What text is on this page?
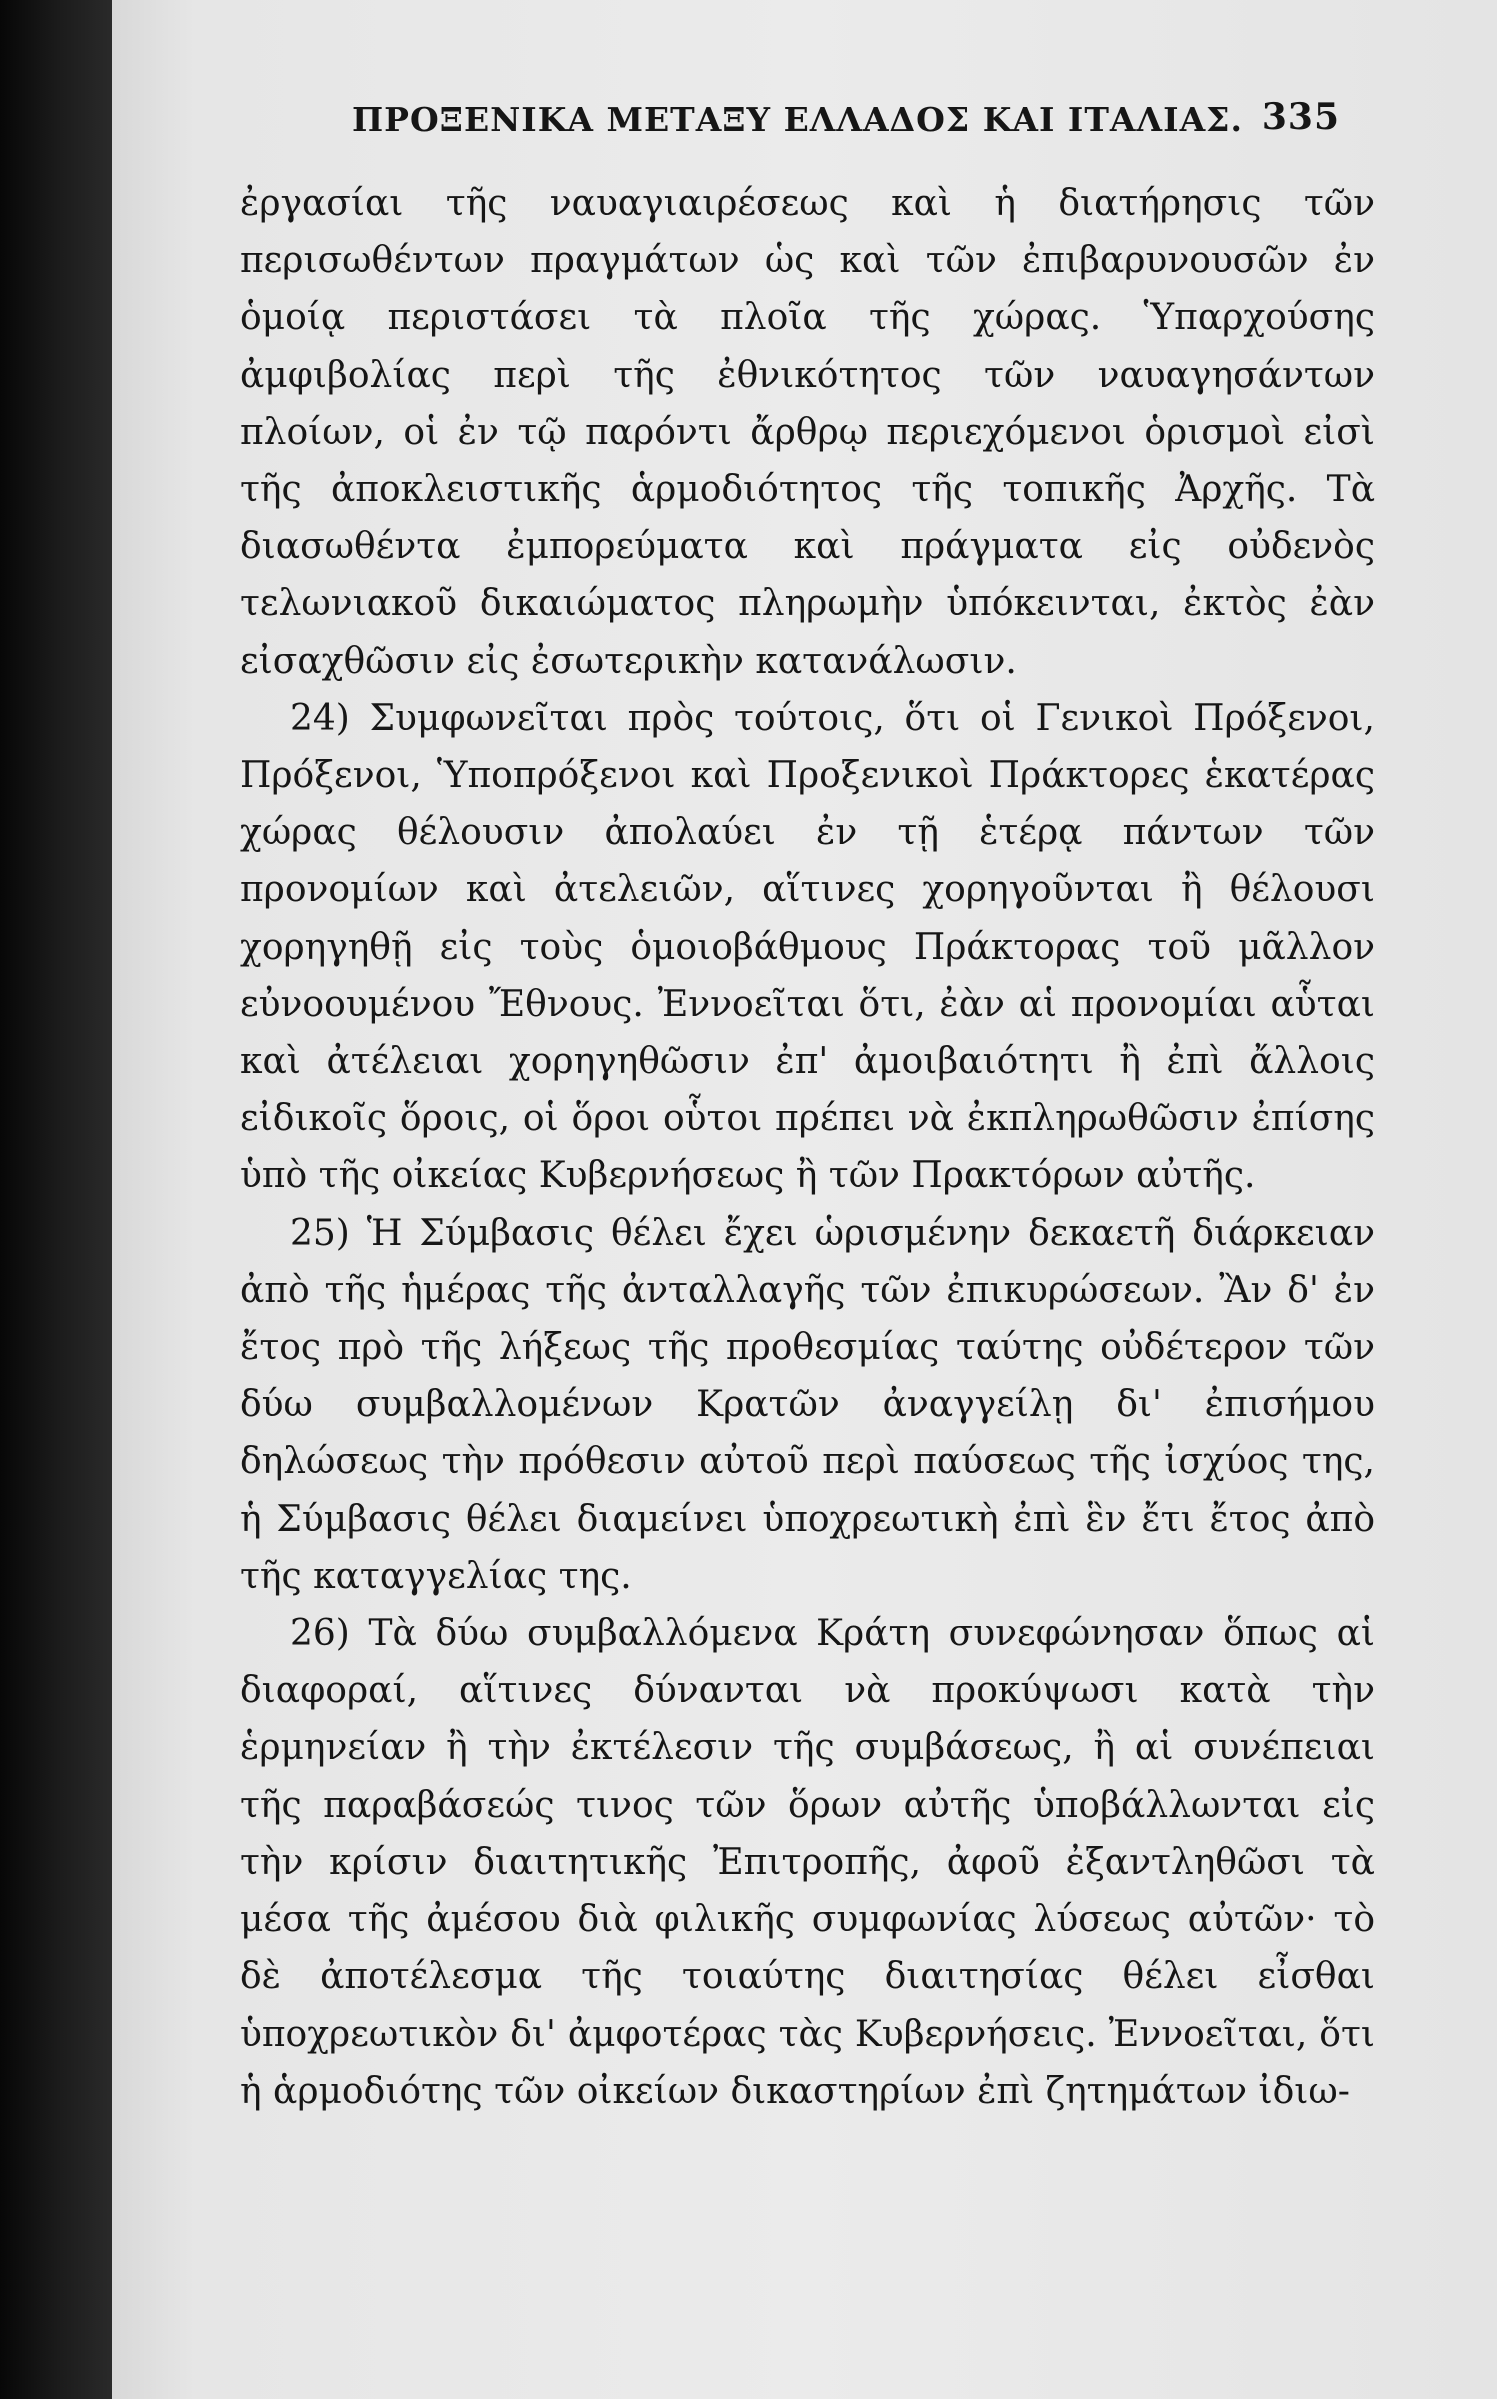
ΠΡΟΞΕΝΙΚΑ ΜΕΤΑΞΥ ΕΛΛΑΔΟΣ ΚΑΙ ΙΤΑΛΙΑΣ. 335

ἐργασίαι τῆς ναυαγιαιρέσεως καὶ ἡ διατήρησις τῶν περισωθέντων πραγμάτων ὡς καὶ τῶν ἐπιβαρυνουσῶν ἐν ὁμοίᾳ περιστάσει τὰ πλοῖα τῆς χώρας. Ὑπαρχούσης ἀμφιβολίας περὶ τῆς ἐθνικότητος τῶν ναυαγησάντων πλοίων, οἱ ἐν τῷ παρόντι ἄρθρῳ περιεχόμενοι ὁρισμοὶ εἰσὶ τῆς ἀποκλειστικῆς ἁρμοδιότητος τῆς τοπικῆς Ἀρχῆς. Τὰ διασωθέντα ἐμπορεύματα καὶ πράγματα εἰς οὐδενὸς τελωνιακοῦ δικαιώματος πληρωμὴν ὑπόκεινται, ἐκτὸς ἐὰν εἰσαχθῶσιν εἰς ἐσωτερικὴν κατανάλωσιν.

24) Συμφωνεῖται πρὸς τούτοις, ὅτι οἱ Γενικοὶ Πρόξενοι, Πρόξενοι, Ὑποπρόξενοι καὶ Προξενικοὶ Πράκτορες ἑκατέρας χώρας θέλουσιν ἀπολαύει ἐν τῇ ἑτέρᾳ πάντων τῶν προνομίων καὶ ἀτελειῶν, αἵτινες χορηγοῦνται ἢ θέλουσι χορηγηθῇ εἰς τοὺς ὁμοιοβάθμους Πράκτορας τοῦ μᾶλλον εὐνοουμένου Ἔθνους. Ἐννοεῖται ὅτι, ἐὰν αἱ προνομίαι αὗται καὶ ἀτέλειαι χορηγηθῶσιν ἐπ' ἀμοιβαιότητι ἢ ἐπὶ ἄλλοις εἰδικοῖς ὅροις, οἱ ὅροι οὗτοι πρέπει νὰ ἐκπληρωθῶσιν ἐπίσης ὑπὸ τῆς οἰκείας Κυβερνήσεως ἢ τῶν Πρακτόρων αὐτῆς.

25) Ἡ Σύμβασις θέλει ἔχει ὡρισμένην δεκαετῆ διάρκειαν ἀπὸ τῆς ἡμέρας τῆς ἀνταλλαγῆς τῶν ἐπικυρώσεων. Ἂν δ' ἐν ἔτος πρὸ τῆς λήξεως τῆς προθεσμίας ταύτης οὐδέτερον τῶν δύω συμβαλλομένων Κρατῶν ἀναγγείλῃ δι' ἐπισήμου δηλώσεως τὴν πρόθεσιν αὐτοῦ περὶ παύσεως τῆς ἰσχύος της, ἡ Σύμβασις θέλει διαμείνει ὑποχρεωτικὴ ἐπὶ ἓν ἔτι ἔτος ἀπὸ τῆς καταγγελίας της.

26) Τὰ δύω συμβαλλόμενα Κράτη συνεφώνησαν ὅπως αἱ διαφοραί, αἵτινες δύνανται νὰ προκύψωσι κατὰ τὴν ἑρμηνείαν ἢ τὴν ἐκτέλεσιν τῆς συμβάσεως, ἢ αἱ συνέπειαι τῆς παραβάσεώς τινος τῶν ὅρων αὐτῆς ὑποβάλλωνται εἰς τὴν κρίσιν διαιτητικῆς Ἐπιτροπῆς, ἀφοῦ ἐξαντληθῶσι τὰ μέσα τῆς ἀμέσου διὰ φιλικῆς συμφωνίας λύσεως αὐτῶν· τὸ δὲ ἀποτέλεσμα τῆς τοιαύτης διαιτησίας θέλει εἶσθαι ὑποχρεωτικὸν δι' ἀμφοτέρας τὰς Κυβερνήσεις. Ἐννοεῖται, ὅτι ἡ ἁρμοδιότης τῶν οἰκείων δικαστηρίων ἐπὶ ζητημάτων ἰδιω-
